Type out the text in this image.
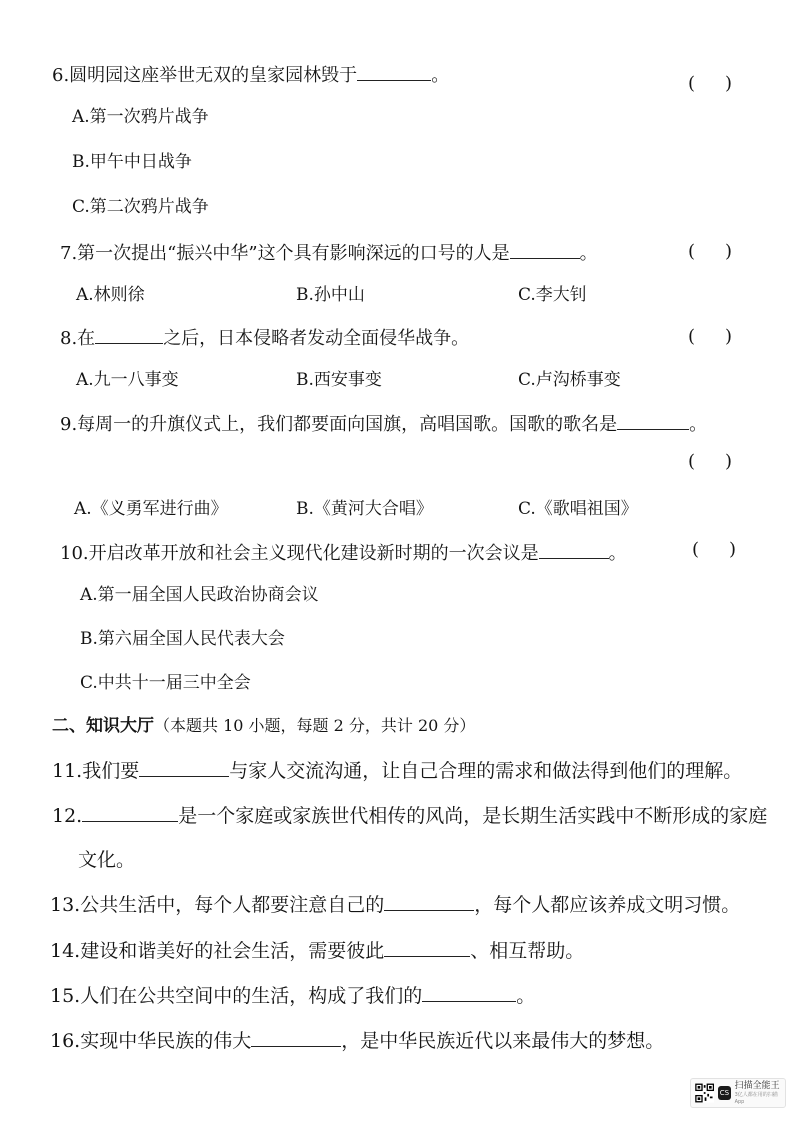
6.圆明园这座举世无双的皇家园林毁于	。	( )
A.第一次鸦片战争
B.甲午中日战争
C.第二次鸦片战争
7.第一次提出“振兴中华”这个具有影响深远的口号的人是	。	( )
A.林则徐	B.孙中山	C.李大钊
8.在	之后，日本侵略者发动全面侵华战争。	( )
A.九一八事变	B.西安事变	C.卢沟桥事变
9.每周一的升旗仪式上，我们都要面向国旗，高唱国歌。国歌的歌名是	。
( )
A.《义勇军进行曲》	B.《黄河大合唱》	C.《歌唱祖国》
10.开启改革开放和社会主义现代化建设新时期的一次会议是	。	( )
A.第一届全国人民政治协商会议
B.第六届全国人民代表大会
C.中共十一届三中全会
二、知识大厅（本题共 10 小题，每题 2 分，共计 20 分）
11.我们要	与家人交流沟通，让自己合理的需求和做法得到他们的理解。
12.	是一个家庭或家族世代相传的风尚，是长期生活实践中不断形成的家庭
文化。
13.公共生活中，每个人都要注意自己的	，每个人都应该养成文明习惯。
14.建设和谐美好的社会生活，需要彼此	、相互帮助。
15.人们在公共空间中的生活，构成了我们的	。
16.实现中华民族的伟大	，是中华民族近代以来最伟大的梦想。
CS
扫描全能王
3亿人都在用的扫描App
